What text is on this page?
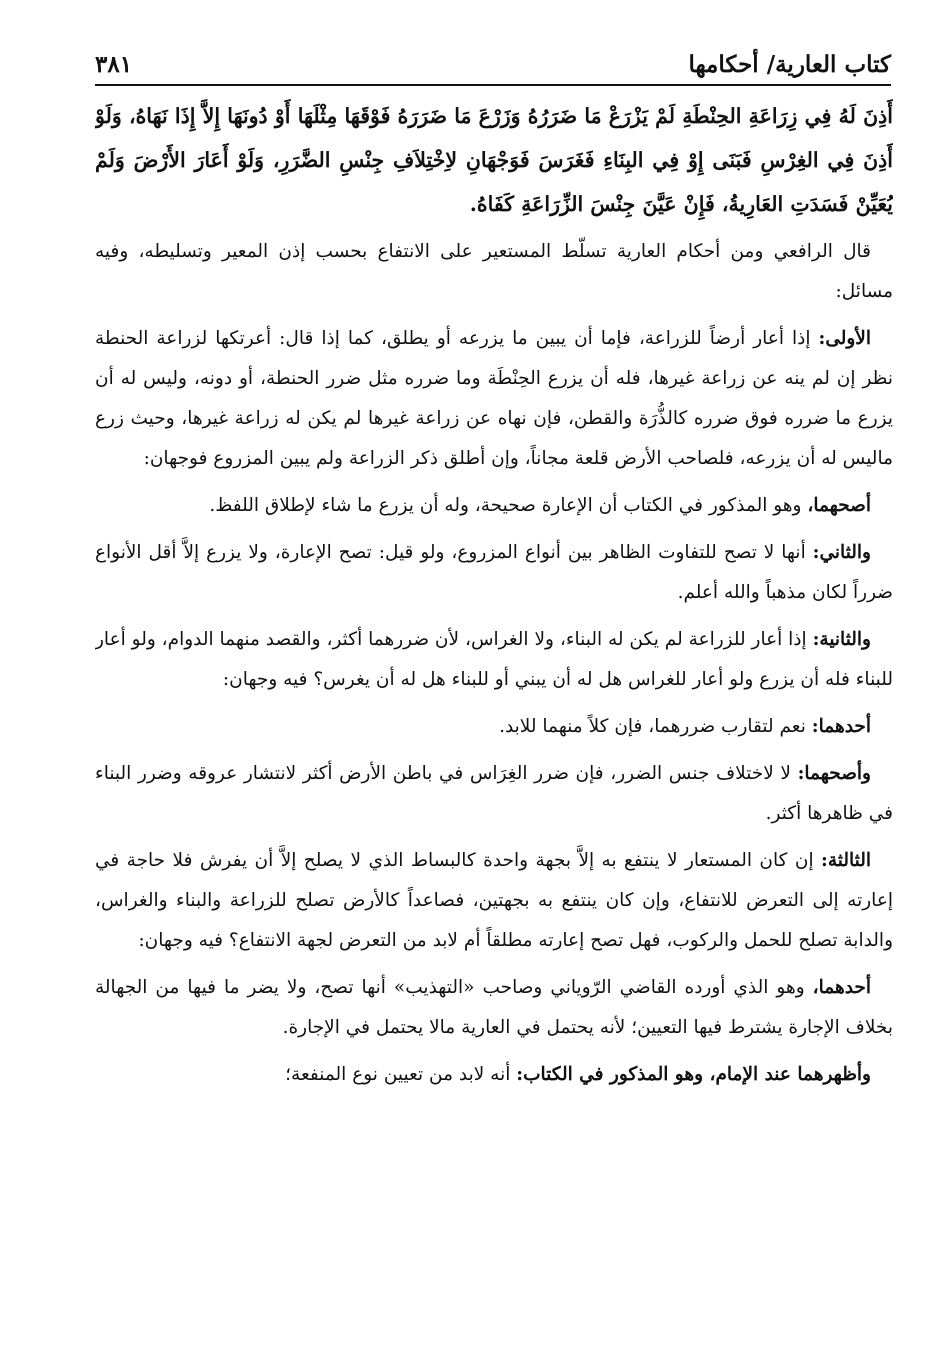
كتاب العارية/ أحكامها
٣٨١

أَذِنَ لَهُ فِي زِرَاعَةِ الحِنْطَةِ لَمْ يَزْرَعْ مَا ضَرَرُهُ وَزَرْعَ مَا ضَرَرَهُ فَوْقَهَا مِثْلَهَا أَوْ دُونَهَا إِلاَّ إِذَا نَهَاهُ، وَلَوْ أَذِنَ فِي الغِرْسِ فَبَنَى إِوْ فِي البِنَاءِ فَغَرَسَ فَوَجْهَانِ لاِخْتِلاَفِ جِنْسِ الضَّرَرِ، وَلَوْ أَعَارَ الأَرْضَ وَلَمْ يُعَيِّنْ فَسَدَتِ العَارِيةُ، فَإِنْ عَيَّنَ جِنْسَ الزِّرَاعَةِ كَفَاهُ.

قال الرافعي ومن أحكام العارية تسلّط المستعير على الانتفاع بحسب إذن المعير وتسليطه، وفيه مسائل:

الأولى: إذا أعار أرضاً للزراعة، فإما أن يبين ما يزرعه أو يطلق، كما إذا قال: أعرتكها لزراعة الحنطة نظر إن لم ينه عن زراعة غيرها، فله أن يزرع الحِنْطَة وما ضرره مثل ضرر الحنطة، أو دونه، وليس له أن يزرع ما ضرره فوق ضرره كالذُّرَة والقطن، فإن نهاه عن زراعة غيرها لم يكن له زراعة غيرها، وحيث زرع ماليس له أن يزرعه، فلصاحب الأرض قلعة مجاناً، وإن أطلق ذكر الزراعة ولم يبين المزروع فوجهان:

أصحهما، وهو المذكور في الكتاب أن الإعارة صحيحة، وله أن يزرع ما شاء لإطلاق اللفظ.

والثاني: أنها لا تصح للتفاوت الظاهر بين أنواع المزروع، ولو قيل: تصح الإعارة، ولا يزرع إلاَّ أقل الأنواع ضرراً لكان مذهباً والله أعلم.

والثانية: إذا أعار للزراعة لم يكن له البناء، ولا الغراس، لأن ضررهما أكثر، والقصد منهما الدوام، ولو أعار للبناء فله أن يزرع ولو أعار للغراس هل له أن يبني أو للبناء هل له أن يغرس؟ فيه وجهان:

أحدهما: نعم لتقارب ضررهما، فإن كلاً منهما للابد.

وأصحهما: لا لاختلاف جنس الضرر، فإن ضرر الغِرَاس في باطن الأرض أكثر لانتشار عروقه وضرر البناء في ظاهرها أكثر.

الثالثة: إن كان المستعار لا ينتفع به إلاَّ بجهة واحدة كالبساط الذي لا يصلح إلاَّ أن يفرش فلا حاجة في إعارته إلى التعرض للانتفاع، وإن كان ينتفع به بجهتين، فصاعداً كالأرض تصلح للزراعة والبناء والغراس، والدابة تصلح للحمل والركوب، فهل تصح إعارته مطلقاً أم لابد من التعرض لجهة الانتفاع؟ فيه وجهان:

أحدهما، وهو الذي أورده القاضي الرّوياني وصاحب «التهذيب» أنها تصح، ولا يضر ما فيها من الجهالة بخلاف الإجارة يشترط فيها التعيين؛ لأنه يحتمل في العارية مالا يحتمل في الإجارة.

وأظهرهما عند الإمام، وهو المذكور في الكتاب: أنه لابد من تعيين نوع المنفعة؛
